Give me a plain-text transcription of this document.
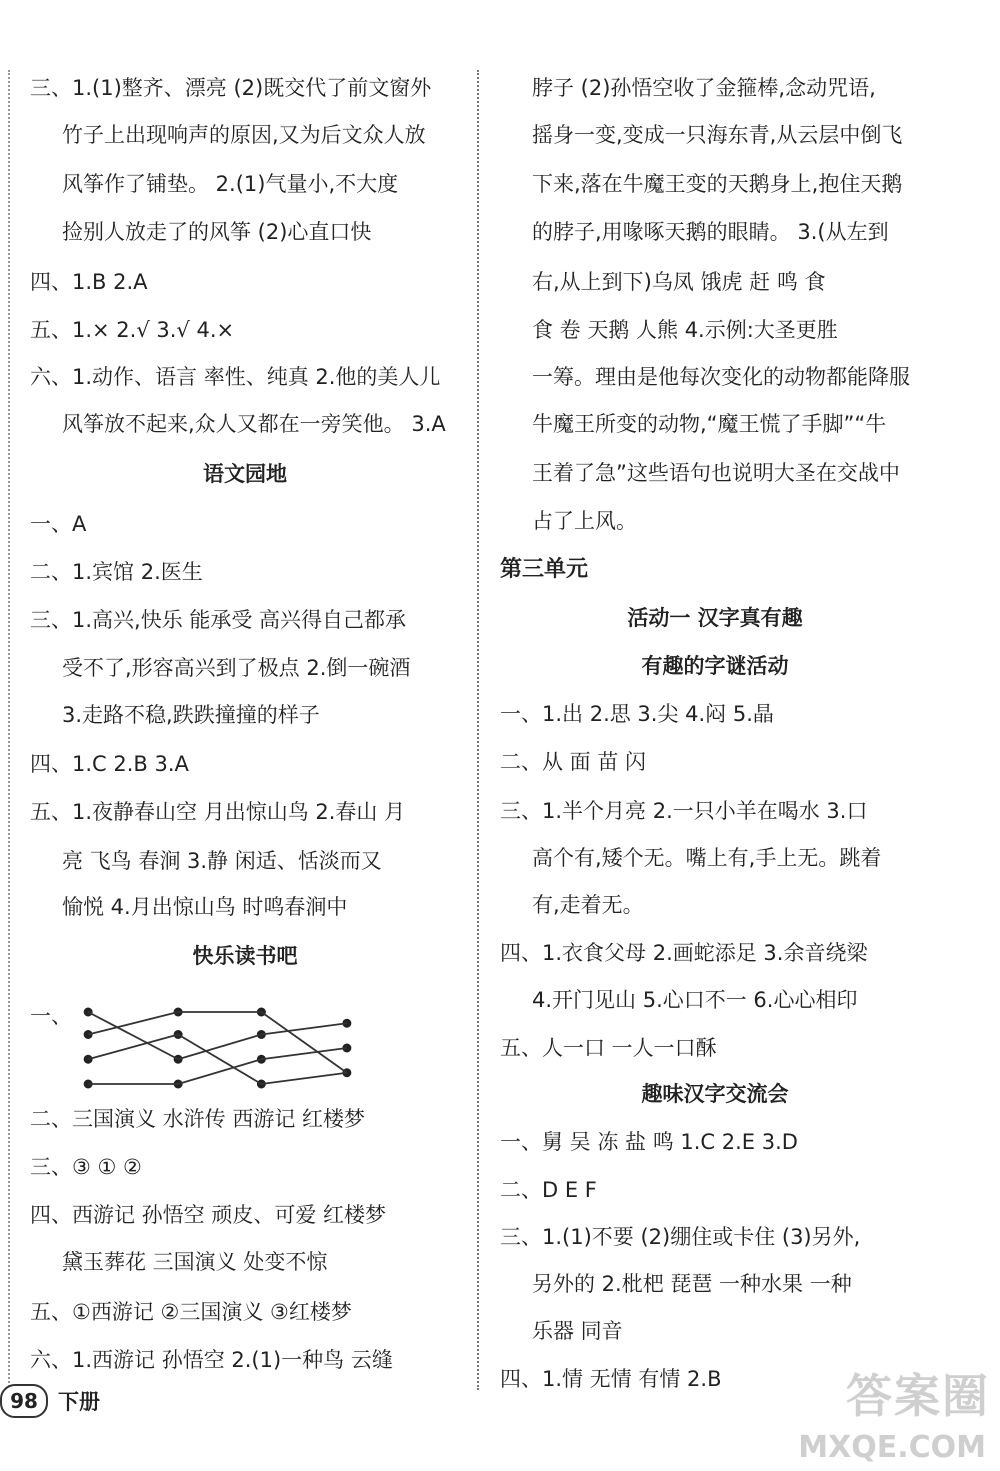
三、1.(1)整齐、漂亮 (2)既交代了前文窗外
竹子上出现响声的原因,又为后文众人放
风筝作了铺垫。 2.(1)气量小,不大度
捡别人放走了的风筝 (2)心直口快
四、1.B 2.A
五、1.× 2.√ 3.√ 4.×
六、1.动作、语言 率性、纯真 2.他的美人儿
风筝放不起来,众人又都在一旁笑他。 3.A
语文园地
一、A
二、1.宾馆 2.医生
三、1.高兴,快乐 能承受 高兴得自己都承
受不了,形容高兴到了极点 2.倒一碗酒
3.走路不稳,跌跌撞撞的样子
四、1.C 2.B 3.A
五、1.夜静春山空 月出惊山鸟 2.春山 月
亮 飞鸟 春涧 3.静 闲适、恬淡而又
愉悦 4.月出惊山鸟 时鸣春涧中
快乐读书吧
一、
二、三国演义 水浒传 西游记 红楼梦
三、③ ① ②
四、西游记 孙悟空 顽皮、可爱 红楼梦
黛玉葬花 三国演义 处变不惊
五、①西游记 ②三国演义 ③红楼梦
六、1.西游记 孙悟空 2.(1)一种鸟 云缝
脖子 (2)孙悟空收了金箍棒,念动咒语,
摇身一变,变成一只海东青,从云层中倒飞
下来,落在牛魔王变的天鹅身上,抱住天鹅
的脖子,用喙啄天鹅的眼睛。 3.(从左到
右,从上到下)乌凤 饿虎 赶 鸣 食
食 卷 天鹅 人熊 4.示例:大圣更胜
一筹。理由是他每次变化的动物都能降服
牛魔王所变的动物,“魔王慌了手脚”“牛
王着了急”这些语句也说明大圣在交战中
占了上风。
第三单元
活动一 汉字真有趣
有趣的字谜活动
一、1.出 2.思 3.尖 4.闷 5.晶
二、从 面 苗 闪
三、1.半个月亮 2.一只小羊在喝水 3.口
高个有,矮个无。嘴上有,手上无。跳着
有,走着无。
四、1.衣食父母 2.画蛇添足 3.余音绕梁
4.开门见山 5.心口不一 6.心心相印
五、人一口 一人一口酥
趣味汉字交流会
一、舅 吴 冻 盐 鸣 1.C 2.E 3.D
二、D E F
三、1.(1)不要 (2)绷住或卡住 (3)另外,
另外的 2.枇杷 琵琶 一种水果 一种
乐器 同音
四、1.情 无情 有情 2.B
98 下册	答案圈
MXQE.COM
